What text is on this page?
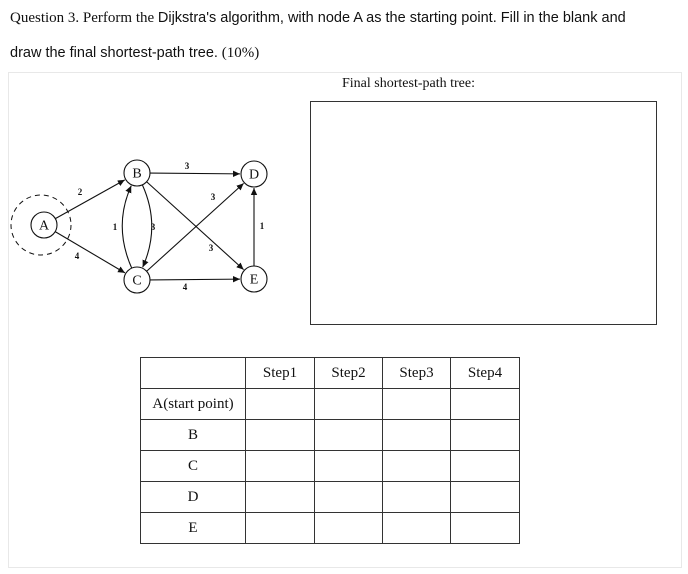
Question 3. Perform the Dijkstra's algorithm, with node A as the starting point. Fill in the blank and
draw the final shortest-path tree. (10%)
Final shortest-path tree:
2
4
1	3
3
3
3
4
1
A
B
C
D
E
	Step1	Step2	Step3	Step4
A(start point)				
B				
C				
D				
E				
